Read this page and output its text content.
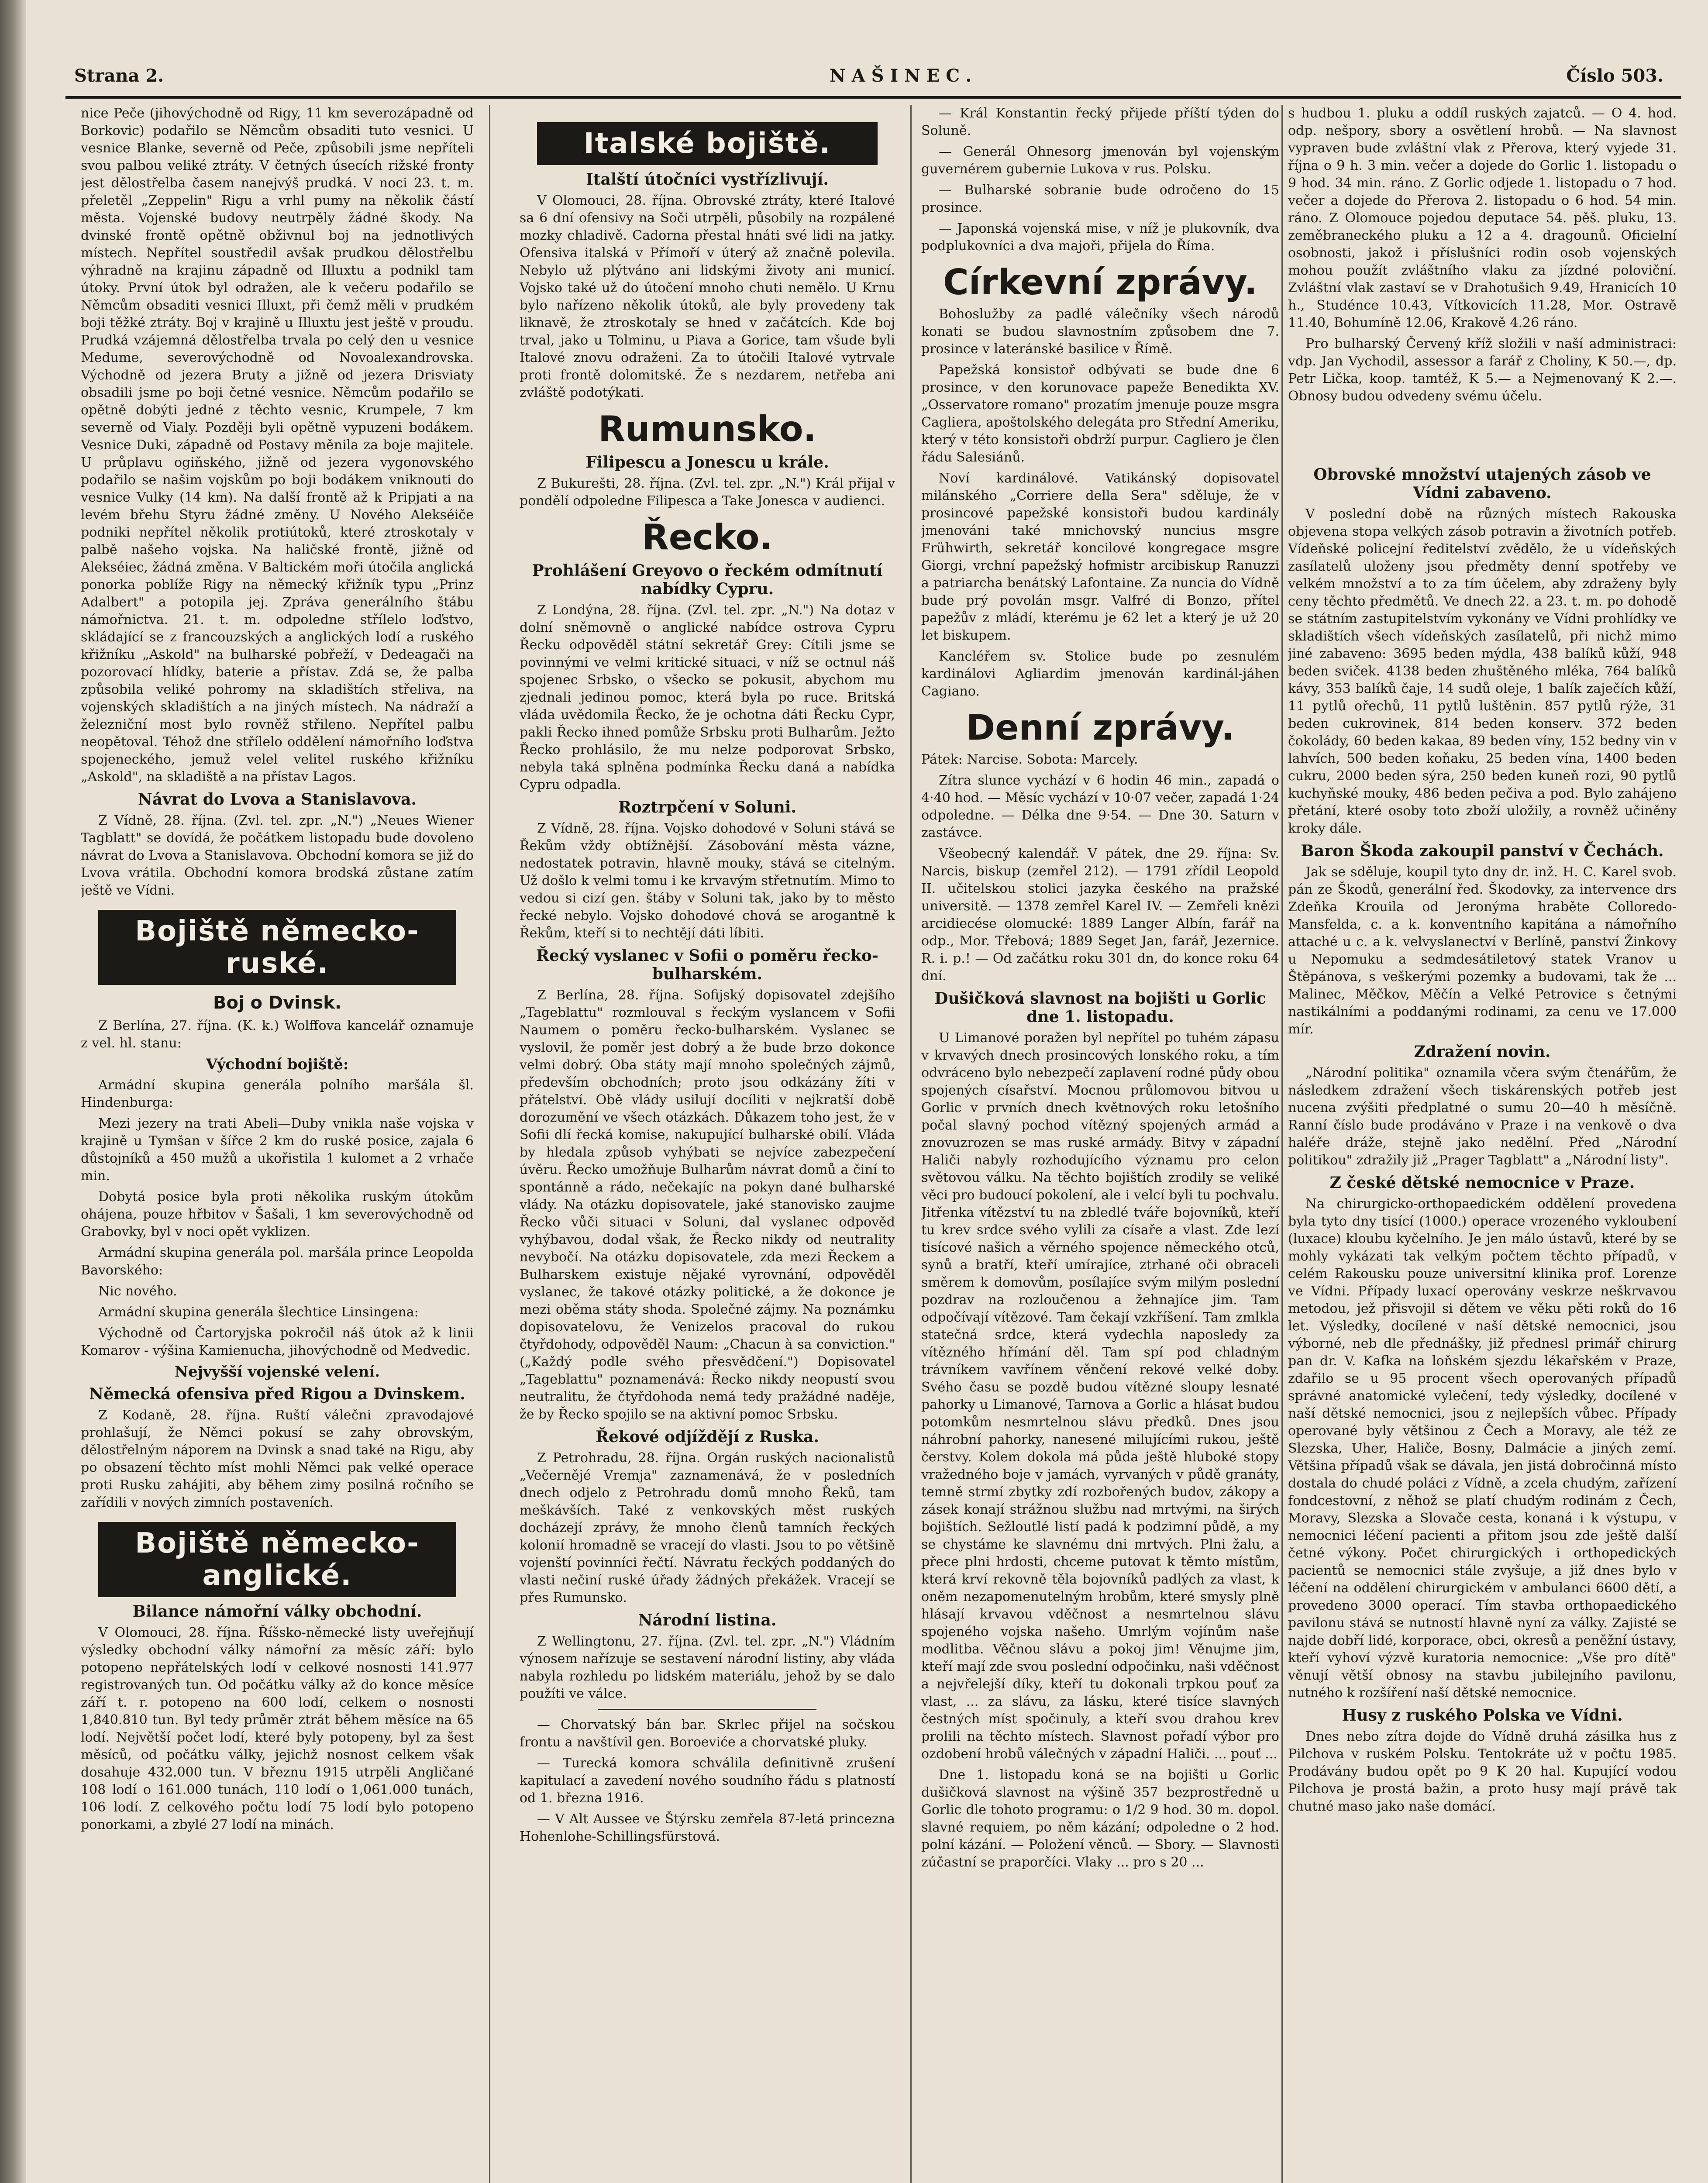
Strana 2.	NAŠINEC.	Číslo 503.

nice Peče (jihovýchodně od Rigy, 11 km severozápadně od Borkovic) podařilo se Němcům obsaditi tuto vesnici. U vesnice Blanke, severně od Peče, způsobili jsme nepříteli svou palbou veliké ztráty. V četných úsecích rižské fronty jest dělostřelba časem nanejvýš prudká. V noci 23. t. m. přeletěl „Zeppelin" Rigu a vrhl pumy na několik částí města. Vojenské budovy neutrpěly žádné škody. Na dvinské frontě opětně obživnul boj na jednotlivých místech. Nepřítel soustředil avšak prudkou dělostřelbu výhradně na krajinu západně od Illuxtu a podnikl tam útoky. První útok byl odražen, ale k večeru podařilo se Němcům obsaditi vesnici Illuxt, při čemž měli v prudkém boji těžké ztráty. Boj v krajině u Illuxtu jest ještě v proudu. Prudká vzájemná dělostřelba trvala po celý den u vesnice Medume, severovýchodně od Novoalexandrovska. Východně od jezera Bruty a jižně od jezera Drisviaty obsadili jsme po boji četné vesnice. Němcům podařilo se opětně dobýti jedné z těchto vesnic, Krumpele, 7 km severně od Vialy. Později byli opětně vypuzeni bodákem. Vesnice Duki, západně od Postavy měnila za boje majitele. U průplavu ogiňského, jižně od jezera vygonovského podařilo se našim vojskům po boji bodákem vniknouti do vesnice Vulky (14 km). Na další frontě až k Pripjati a na levém břehu Styru žádné změny. U Nového Alekséiče podniki nepřítel několik protiútoků, které ztroskotaly v palbě našeho vojska. Na haličské frontě, jižně od Alekséiec, žádná změna. V Baltickém moři útočila anglická ponorka poblíže Rigy na německý křižník typu „Prinz Adalbert" a potopila jej. Zpráva generálního štábu námořnictva. 21. t. m. odpoledne střílelo loďstvo, skládající se z francouzských a anglických lodí a ruského křižníku „Askold" na bulharské pobřeží, v Dedeagači na pozorovací hlídky, baterie a přístav. Zdá se, že palba způsobila veliké pohromy na skladištích střeliva, na vojenských skladištích a na jiných místech. Na nádraží a železniční most bylo rovněž střileno. Nepřítel palbu neopětoval. Téhož dne střílelo oddělení námořního loďstva spojeneckého, jemuž velel velitel ruského křižníku „Askold", na skladiště a na přístav Lagos.

Návrat do Lvova a Stanislavova.

Z Vídně, 28. října. (Zvl. tel. zpr. „N.") „Neues Wiener Tagblatt" se dovídá, že počátkem listopadu bude dovoleno návrat do Lvova a Stanislavova. Obchodní komora se již do Lvova vrátila. Obchodní komora brodská zůstane zatím ještě ve Vídni.

Bojiště německo-ruské.
Boj o Dvinsk.

Z Berlína, 27. října. (K. k.) Wolffova kancelář oznamuje z vel. hl. stanu:

Východní bojiště:

Armádní skupina generála polního maršála šl. Hindenburga:

Mezi jezery na trati Abeli—Duby vnikla naše vojska v krajině u Tymšan v šířce 2 km do ruské posice, zajala 6 důstojníků a 450 mužů a ukořistila 1 kulomet a 2 vrhače min.

Dobytá posice byla proti několika ruským útokům ohájena, pouze hřbitov v Šašali, 1 km severovýchodně od Grabovky, byl v noci opět vyklizen.

Armádní skupina generála pol. maršála prince Leopolda Bavorského:

Nic nového.

Armádní skupina generála šlechtice Linsingena:

Východně od Čartoryjska pokročil náš útok až k linii Komarov - výšina Kamienucha, jihovýchodně od Medvedic.

Nejvyšší vojenské velení.
Německá ofensiva před Rigou a Dvinskem.

Z Kodaně, 28. října. Ruští válečni zpravodajové prohlašují, že Němci pokusí se zahy obrovským, dělostřelným náporem na Dvinsk a snad také na Rigu, aby po obsazení těchto míst mohli Němci pak velké operace proti Rusku zahájiti, aby během zimy posilná ročního se zařídili v nových zimních postaveních.

Bojiště německo-anglické.
Bilance námořní války obchodní.

V Olomouci, 28. října. Říšsko-německé listy uveřejňují výsledky obchodní války námořní za měsíc září: bylo potopeno nepřátelských lodí v celkové nosnosti 141.977 registrovaných tun. Od počátku války až do konce měsíce září t. r. potopeno na 600 lodí, celkem o nosnosti 1,840.810 tun. Byl tedy průměr ztrát během měsíce na 65 lodí. Největší počet lodí, které byly potopeny, byl za šest měsíců, od počátku války, jejichž nosnost celkem však dosahuje 432.000 tun. V březnu 1915 utrpěli Angličané 108 lodí o 161.000 tunách, 110 lodí o 1,061.000 tunách, 106 lodí. Z celkového počtu lodí 75 lodí bylo potopeno ponorkami, a zbylé 27 lodí na minách.

Italské bojiště.
Italští útočníci vystřízlivují.

V Olomouci, 28. října. Obrovské ztráty, které Italové sa 6 dní ofensivy na Soči utrpěli, působily na rozpálené mozky chladivě. Cadorna přestal hnáti své lidi na jatky. Ofensiva italská v Přímoří v úterý až značně polevila. Nebylo už plýtváno ani lidskými životy ani municí. Vojsko také už do útočení mnoho chuti nemělo. U Krnu bylo nařízeno několik útoků, ale byly provedeny tak liknavě, že ztroskotaly se hned v začátcích. Kde boj trval, jako u Tolminu, u Piava a Gorice, tam všude byli Italové znovu odraženi. Za to útočili Italové vytrvale proti frontě dolomitské. Že s nezdarem, netřeba ani zvláště podotýkati.

Rumunsko.
Filipescu a Jonescu u krále.

Z Bukurešti, 28. října. (Zvl. tel. zpr. „N.") Král přijal v pondělí odpoledne Filipesca a Take Jonesca v audienci.

Řecko.
Prohlášení Greyovo o řeckém odmítnutí nabídky Cypru.

Z Londýna, 28. října. (Zvl. tel. zpr. „N.") Na dotaz v dolní sněmovně o anglické nabídce ostrova Cypru Řecku odpověděl státní sekretář Grey: Cítili jsme se povinnými ve velmi kritické situaci, v níž se octnul náš spojenec Srbsko, o všecko se pokusit, abychom mu zjednali jedinou pomoc, která byla po ruce. Britská vláda uvědomila Řecko, že je ochotna dáti Řecku Cypr, pakli Řecko ihned pomůže Srbsku proti Bulharům. Ježto Řecko prohlásilo, že mu nelze podporovat Srbsko, nebyla taká splněna podmínka Řecku daná a nabídka Cypru odpadla.

Roztrpčení v Soluni.

Z Vídně, 28. října. Vojsko dohodové v Soluni stává se Řekům vždy obtížnější. Zásobování města vázne, nedostatek potravin, hlavně mouky, stává se citelným. Už došlo k velmi tomu i ke krvavým střetnutím. Mimo to vedou si cizí gen. štáby v Soluni tak, jako by to město řecké nebylo. Vojsko dohodové chová se arogantně k Řekům, kteří si to nechtějí dáti líbiti.

Řecký vyslanec v Sofii o poměru řecko-bulharském.

Z Berlína, 28. října. Sofijský dopisovatel zdejšího „Tageblattu" rozmlouval s řeckým vyslancem v Sofii Naumem o poměru řecko-bulharském. Vyslanec se vyslovil, že poměr jest dobrý a že bude brzo dokonce velmi dobrý. Oba státy mají mnoho společných zájmů, především obchodních; proto jsou odkázány žíti v přátelství. Obě vlády usilují docíliti v nejkratší době dorozumění ve všech otázkách. Důkazem toho jest, že v Sofii dlí řecká komise, nakupující bulharské obilí. Vláda by hledala způsob vyhýbati se nejvíce zabezpečení úvěru. Řecko umožňuje Bulharům návrat domů a činí to spontánně a rádo, nečekajíc na pokyn dané bulharské vlády. Na otázku dopisovatele, jaké stanovisko zaujme Řecko vůči situaci v Soluni, dal vyslanec odpověď vyhýbavou, dodal však, že Řecko nikdy od neutrality nevybočí. Na otázku dopisovatele, zda mezi Řeckem a Bulharskem existuje nějaké vyrovnání, odpověděl vyslanec, že takové otázky politické, a že dokonce je mezi oběma státy shoda. Společné zájmy. Na poznámku dopisovatelovu, že Venizelos pracoval do rukou čtyřdohody, odpověděl Naum: „Chacun à sa conviction." („Každý podle svého přesvědčení.") Dopisovatel „Tageblattu" poznamenává: Řecko nikdy neopustí svou neutralitu, že čtyřdohoda nemá tedy pražádné naděje, že by Řecko spojilo se na aktivní pomoc Srbsku.

Řekové odjíždějí z Ruska.

Z Petrohradu, 28. října. Orgán ruských nacionalistů „Večernějé Vremja" zaznamenává, že v posledních dnech odjelo z Petrohradu domů mnoho Řeků, tam meškávších. Také z venkovských měst ruských docházejí zprávy, že mnoho členů tamních řeckých kolonií hromadně se vracejí do vlasti. Jsou to po většině vojenští povinníci řečtí. Návratu řeckých poddaných do vlasti nečiní ruské úřady žádných překážek. Vracejí se přes Rumunsko.

Národní listina.

Z Wellingtonu, 27. října. (Zvl. tel. zpr. „N.") Vládním výnosem nařízuje se sestavení národní listiny, aby vláda nabyla rozhledu po lidském materiálu, jehož by se dalo použíti ve válce.

— Chorvatský bán bar. Skrlec přijel na sočskou frontu a navštívil gen. Boroeviće a chorvatské pluky.

— Turecká komora schválila definitivně zrušení kapitulací a zavedení nového soudního řádu s platností od 1. března 1916.

— V Alt Aussee ve Štýrsku zemřela 87-letá princezna Hohenlohe-Schillingsfürstová.

— Král Konstantin řecký přijede příští týden do Soluně.

— Generál Ohnesorg jmenován byl vojenským guvernérem gubernie Lukova v rus. Polsku.

— Bulharské sobranie bude odročeno do 15 prosince.

— Japonská vojenská mise, v níž je plukovník, dva podplukovníci a dva majoři, přijela do Říma.

Církevní zprávy.

Bohoslužby za padlé válečníky všech národů konati se budou slavnostním způsobem dne 7. prosince v lateránské basilice v Římě.

Papežská konsistoř odbývati se bude dne 6 prosince, v den korunovace papeže Benedikta XV. „Osservatore romano" prozatím jmenuje pouze msgra Cagliera, apoštolského delegáta pro Střední Ameriku, který v této konsistoři obdrží purpur. Cagliero je člen řádu Salesiánů.

Noví kardinálové. Vatikánský dopisovatel milánského „Corriere della Sera" sděluje, že v prosincové papežské konsistoři budou kardinály jmenováni také mnichovský nuncius msgre Frühwirth, sekretář koncilové kongregace msgre Giorgi, vrchní papežský hofmistr arcibiskup Ranuzzi a patriarcha benátský Lafontaine. Za nuncia do Vídně bude prý povolán msgr. Valfré di Bonzo, přítel papežův z mládí, kterému je 62 let a který je už 20 let biskupem.

Kancléřem sv. Stolice bude po zesnulém kardinálovi Agliardim jmenován kardinál-jáhen Cagiano.

Denní zprávy.

Pátek: Narcise. Sobota: Marcely.

Zítra slunce vychází v 6 hodin 46 min., zapadá o 4·40 hod. — Měsíc vychází v 10·07 večer, zapadá 1·24 odpoledne. — Délka dne 9·54. — Dne 30. Saturn v zastávce.

Všeobecný kalendář. V pátek, dne 29. října: Sv. Narcis, biskup (zemřel 212). — 1791 zřídil Leopold II. učitelskou stolici jazyka českého na pražské universitě. — 1378 zemřel Karel IV. — Zemřeli knězi arcidiecése olomucké: 1889 Langer Albín, farář na odp., Mor. Třebová; 1889 Seget Jan, farář, Jezernice. R. i. p.! — Od začátku roku 301 dn, do konce roku 64 dní.

Dušičková slavnost na bojišti u Gorlic dne 1. listopadu.

U Limanové poražen byl nepřítel po tuhém zápasu v krvavých dnech prosincových lonského roku, a tím odvráceno bylo nebezpečí zaplavení rodné půdy obou spojených císařství. Mocnou průlomovou bitvou u Gorlic v prvních dnech květnových roku letošního počal slavný pochod vítězný spojených armád a znovuzrozen se mas ruské armády. Bitvy v západní Haliči nabyly rozhodujícího významu pro celon světovou válku. Na těchto bojištích zrodily se veliké věci pro budoucí pokolení, ale i velcí byli tu pochvalu. Jitřenka vítězství tu na zbledlé tváře bojovníků, kteří tu krev srdce svého vylili za císaře a vlast. Zde lezí tisícové našich a věrného spojence německého otců, synů a bratří, kteří umírajíce, ztrhané oči obraceli směrem k domovům, posílajíce svým milým poslední pozdrav na rozloučenou a žehnajíce jim. Tam odpočívají vítězové. Tam čekají vzkříšení. Tam zmlkla statečná srdce, která vydechla naposledy za vítězného hřímání děl. Tam spí pod chladným trávníkem vavřínem věnčení rekové velké doby. Svého času se pozdě budou vítězné sloupy lesnaté pahorky u Limanové, Tarnova a Gorlic a hlásat budou potomkům nesmrtelnou slávu předků. Dnes jsou náhrobní pahorky, nanesené milujícími rukou, ještě čerstvy. Kolem dokola má půda ještě hluboké stopy vražedného boje v jamách, vyrvaných v půdě granáty, temně strmí zbytky zdí rozbořených budov, zákopy a zásek konají strážnou službu nad mrtvými, na širých bojištích. Sežloutlé listí padá k podzimní půdě, a my se chystáme ke slavnému dni mrtvých. Plni žalu, a přece plni hrdosti, chceme putovat k těmto místům, která krví rekovně těla bojovníků padlých za vlast, k oněm nezapomenutelným hrobům, které smysly plně hlásají krvavou vděčnost a nesmrtelnou slávu spojeného vojska našeho. Umrlým vojínům naše modlitba. Věčnou slávu a pokoj jim! Věnujme jim, kteří mají zde svou poslední odpočinku, naši vděčnost a nejvřelejší díky, kteří tu dokonali trpkou pouť za vlast, ... za slávu, za lásku, které tisíce slavných čestných míst spočinuly, a kteří svou drahou krev prolili na těchto místech. Slavnost pořadí výbor pro ozdobení hrobů válečných v západní Haliči. ... pouť ...

Dne 1. listopadu koná se na bojišti u Gorlic dušičková slavnost na výšině 357 bezprostředně u Gorlic dle tohoto programu: o 1/2 9 hod. 30 m. dopol. slavné requiem, po něm kázání; odpoledne o 2 hod. polní kázání. — Položení věnců. — Sbory. — Slavnosti zúčastní se praporčíci. Vlaky ... pro s 20 ...

s hudbou 1. pluku a oddíl ruských zajatců. — O 4. hod. odp. nešpory, sbory a osvětlení hrobů. — Na slavnost vypraven bude zvláštní vlak z Přerova, který vyjede 31. října o 9 h. 3 min. večer a dojede do Gorlic 1. listopadu o 9 hod. 34 min. ráno. Z Gorlic odjede 1. listopadu o 7 hod. večer a dojede do Přerova 2. listopadu o 6 hod. 54 min. ráno. Z Olomouce pojedou deputace 54. pěš. pluku, 13. zeměbraneckého pluku a 12 a 4. dragounů. Oficielní osobnosti, jakož i příslušníci rodin osob vojenských mohou použít zvláštního vlaku za jízdné poloviční. Zvláštní vlak zastaví se v Drahotušich 9.49, Hranicích 10 h., Studénce 10.43, Vítkovicích 11.28, Mor. Ostravě 11.40, Bohumíně 12.06, Krakově 4.26 ráno.

Pro bulharský Červený kříž složili v naší administraci: vdp. Jan Vychodil, assessor a farář z Choliny, K 50.—, dp. Petr Lička, koop. tamtéž, K 5.— a Nejmenovaný K 2.—. Obnosy budou odvedeny svému účelu.

Obrovské množství utajených zásob ve Vídni zabaveno.

V poslední době na různých místech Rakouska objevena stopa velkých zásob potravin a životních potřeb. Vídeňské policejní ředitelství zvědělo, že u vídeňských zasílatelů uloženy jsou předměty denní spotřeby ve velkém množství a to za tím účelem, aby zdraženy byly ceny těchto předmětů. Ve dnech 22. a 23. t. m. po dohodě se státním zastupitelstvím vykonány ve Vídni prohlídky ve skladištích všech vídeňských zasílatelů, při nichž mimo jiné zabaveno: 3695 beden mýdla, 438 balíků kůží, 948 beden sviček. 4138 beden zhuštěného mléka, 764 balíků kávy, 353 balíků čaje, 14 sudů oleje, 1 balík zaječích kůží, 11 pytlů ořechů, 11 pytlů luštěnin. 857 pytlů rýže, 31 beden cukrovinek, 814 beden konserv. 372 beden čokolády, 60 beden kakaa, 89 beden víny, 152 bedny vin v lahvích, 500 beden koňaku, 25 beden vína, 1400 beden cukru, 2000 beden sýra, 250 beden kuneň rozi, 90 pytlů kuchyňské mouky, 486 beden pečiva a pod. Bylo zahájeno přetání, které osoby toto zboží uložily, a rovněž učiněny kroky dále.

Baron Škoda zakoupil panství v Čechách.

Jak se sděluje, koupil tyto dny dr. inž. H. C. Karel svob. pán ze Škodů, generální řed. Škodovky, za intervence drs Zdeňka Krouila od Jeronýma hraběte Colloredo-Mansfelda, c. a k. konventního kapitána a námořního attaché u c. a k. velvyslanectví v Berlíně, panství Žinkovy u Nepomuku a sedmdesátiletový statek Vranov u Štěpánova, s veškerými pozemky a budovami, tak že ... Malinec, Měčkov, Měčín a Velké Petrovice s četnými nastikálními a poddanými rodinami, za cenu ve 17.000 mír.

Zdražení novin.

„Národní politika" oznamila včera svým čtenářům, že následkem zdražení všech tiskárenských potřeb jest nucena zvýšiti předplatné o sumu 20—40 h měsíčně. Ranní číslo bude prodáváno v Praze i na venkově o dva haléře dráže, stejně jako nedělní. Před „Národní politikou" zdražily již „Prager Tagblatt" a „Národní listy".

Z české dětské nemocnice v Praze.

Na chirurgicko-orthopaedickém oddělení provedena byla tyto dny tisící (1000.) operace vrozeného vykloubení (luxace) kloubu kyčelního. Je jen málo ústavů, které by se mohly vykázati tak velkým počtem těchto případů, v celém Rakousku pouze universitní klinika prof. Lorenze ve Vídni. Případy luxací operovány veskrze neškrvavou metodou, jež přisvojil si dětem ve věku pěti roků do 16 let. Výsledky, docílené v naší dětské nemocnici, jsou výborné, neb dle přednášky, již přednesl primář chirurg pan dr. V. Kafka na loňském sjezdu lékařském v Praze, zdařilo se u 95 procent všech operovaných případů správné anatomické vylečení, tedy výsledky, docílené v naší dětské nemocnici, jsou z nejlepších vůbec. Případy operované byly většinou z Čech a Moravy, ale též ze Slezska, Uher, Haliče, Bosny, Dalmácie a jiných zemí. Většina případů však se dávala, jen jistá dobročinná místo dostala do chudé poláci z Vídně, a zcela chudým, zařízení fondcestovní, z něhož se platí chudým rodinám z Čech, Moravy, Slezska a Slovače cesta, konaná i k výstupu, v nemocnici léčení pacienti a přitom jsou zde ještě další četné výkony. Počet chirurgických i orthopedických pacientů se nemocnici stále zvyšuje, a již dnes bylo v léčení na oddělení chirurgickém v ambulanci 6600 dětí, a provedeno 3000 operací. Tím stavba orthopaedického pavilonu stává se nutností hlavně nyní za války. Zajisté se najde dobří lidé, korporace, obci, okresů a peněžní ústavy, kteří vyhoví výzvě kuratoria nemocnice: „Vše pro dítě" věnují větší obnosy na stavbu jubilejního pavilonu, nutného k rozšíření naší dětské nemocnice.

Husy z ruského Polska ve Vídni.

Dnes nebo zítra dojde do Vídně druhá zásilka hus z Pilchova v ruském Polsku. Tentokráte už v počtu 1985. Prodávány budou opět po 9 K 20 hal. Kupující vodou Pilchova je prostá bažin, a proto husy mají právě tak chutné maso jako naše domácí.
